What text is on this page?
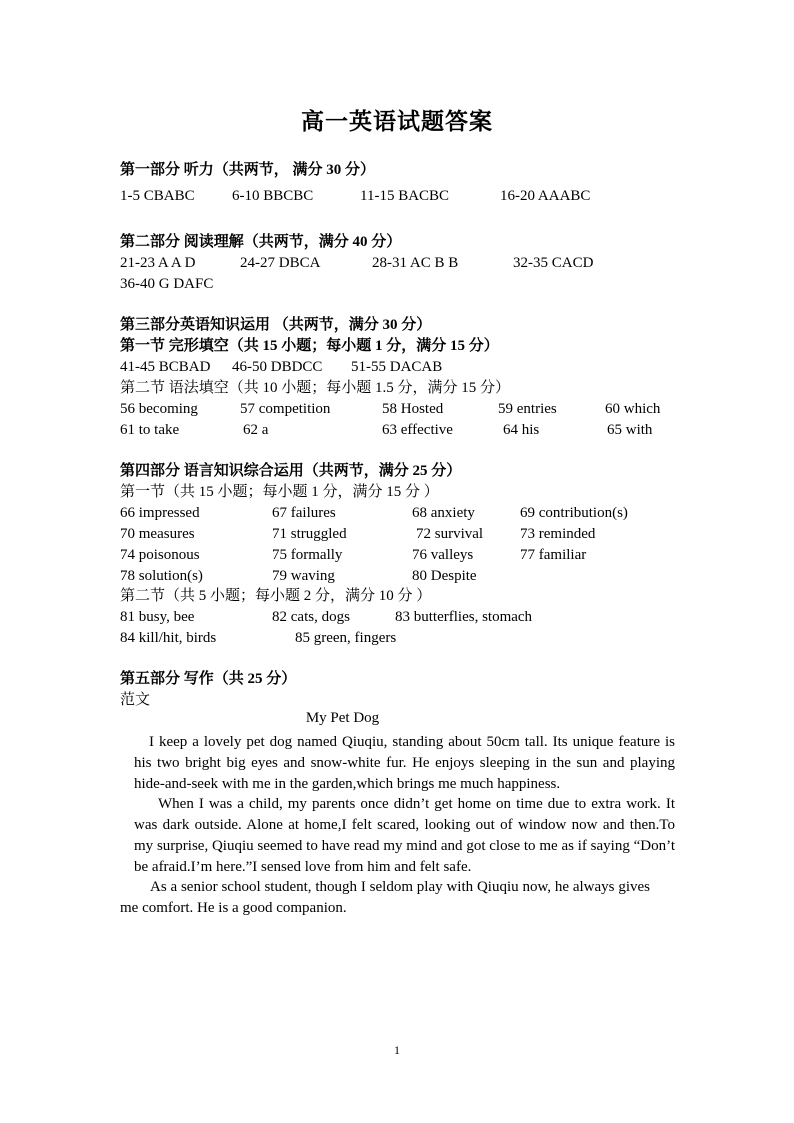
高一英语试题答案
第一部分 听力（共两节， 满分 30 分）
1-5 CBABC 6-10 BBCBC	11-15 BACBC	16-20 AAABC
第二部分 阅读理解（共两节，满分 40 分）
21-23 A A D	24-27 DBCA	28-31 AC B B	32-35 CACD
36-40 G DAFC
第三部分英语知识运用 （共两节，满分 30 分）
第一节 完形填空（共 15 小题；每小题 1 分，满分 15 分）
41-45 BCBAD 46-50 DBDCC 51-55 DACAB
第二节 语法填空（共 10 小题；每小题 1.5 分，满分 15 分）
56 becoming	57 competition	58 Hosted	59 entries	60 which
61 to take	62 a	63 effective	64 his	65 with
第四部分 语言知识综合运用（共两节，满分 25 分）
第一节（共 15 小题；每小题 1 分，满分 15 分 ）
66 impressed	67 failures	68 anxiety	69 contribution(s)
70 measures	71 struggled	72 survival 73 reminded
74 poisonous	75 formally	76 valleys	77 familiar
78 solution(s)	79 waving	80 Despite
第二节（共 5 小题；每小题 2 分，满分 10 分 ）
81 busy, bee	82 cats, dogs	83 butterflies, stomach
84 kill/hit, birds	85 green, fingers
第五部分 写作（共 25 分）
范文
My Pet Dog
I keep a lovely pet dog named Qiuqiu, standing about 50cm tall. Its unique feature is his two bright big eyes and snow-white fur. He enjoys sleeping in the sun and playing hide-and-seek with me in the garden,which brings me much happiness.
When I was a child, my parents once didn’t get home on time due to extra work. It was dark outside. Alone at home,I felt scared, looking out of window now and then.To my surprise, Qiuqiu seemed to have read my mind and got close to me as if saying “Don’t be afraid.I’m here.”I sensed love from him and felt safe.
As a senior school student, though I seldom play with Qiuqiu now, he always gives me comfort. He is a good companion.
1
